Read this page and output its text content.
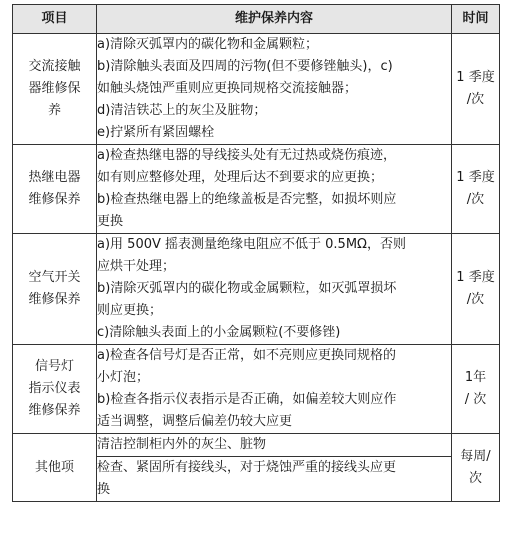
项目	维护保养内容	时间

交流接触
器维修保
养	a)清除灭弧罩内的碳化物和金属颗粒；
b)清除触头表面及四周的污物(但不要修锉触头)，c)
如触头烧蚀严重则应更换同规格交流接触器；
d)清洁铁芯上的灰尘及脏物；
e)拧紧所有紧固螺栓	1 季度
/次

热继电器
维修保养	a)检查热继电器的导线接头处有无过热或烧伤痕迹，
如有则应整修处理，处理后达不到要求的应更换；
b)检查热继电器上的绝缘盖板是否完整，如损坏则应
更换	1 季度
/次

空气开关
维修保养	a)用 500V 摇表测量绝缘电阻应不低于 0.5MΩ，否则
应烘干处理；
b)清除灭弧罩内的碳化物或金属颗粒，如灭弧罩损坏
则应更换；
c)清除触头表面上的小金属颗粒(不要修锉)	1 季度
/次

信号灯
指示仪表
维修保养	a)检查各信号灯是否正常，如不亮则应更换同规格的
小灯泡；
b)检查各指示仪表指示是否正确，如偏差较大则应作
适当调整，调整后偏差仍较大应更	1年
/ 次

其他项	清洁控制柜内外的灰尘、脏物	每周/
次

	检查、紧固所有接线头，对于烧蚀严重的接线头应更
换	
